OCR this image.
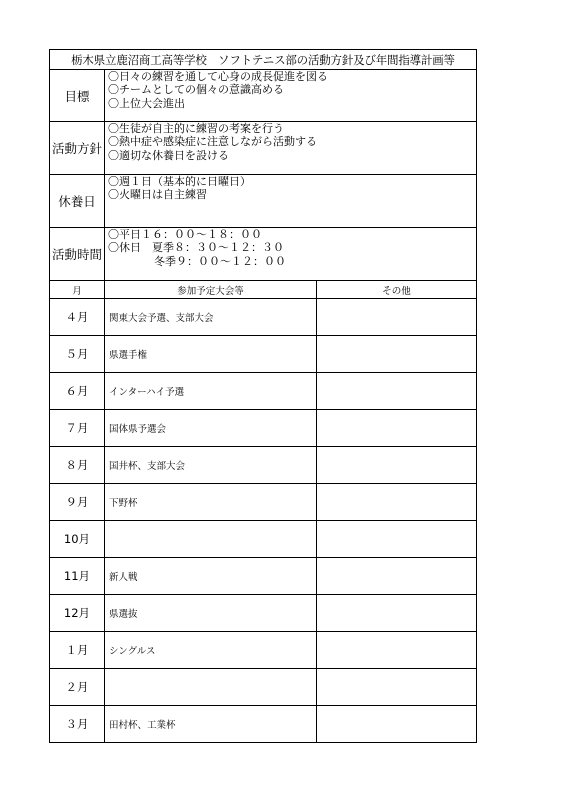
栃木県立鹿沼商工高等学校　ソフトテニス部の活動方針及び年間指導計画等		
目標	〇日々の練習を通して心身の成長促進を図る
〇チームとしての個々の意識高める
〇上位大会進出	

活動方針	〇生徒が自主的に練習の考案を行う
〇熱中症や感染症に注意しながら活動する
〇適切な休養日を設ける	

休養日	〇週１日（基本的に日曜日）
〇火曜日は自主練習	

活動時間	〇平日１６：００～１８：００
〇休日　夏季８：３０～１２：３０
冬季９：００～１２：００	

月	参加予定大会等	その他
４月	関東大会予選、支部大会	
５月	県選手権	
６月	インターハイ予選	
７月	国体県予選会	
８月	国井杯、支部大会	
９月	下野杯	
10月		
11月	新人戦	
12月	県選抜	
１月	シングルス	
２月		
３月	田村杯、工業杯	
